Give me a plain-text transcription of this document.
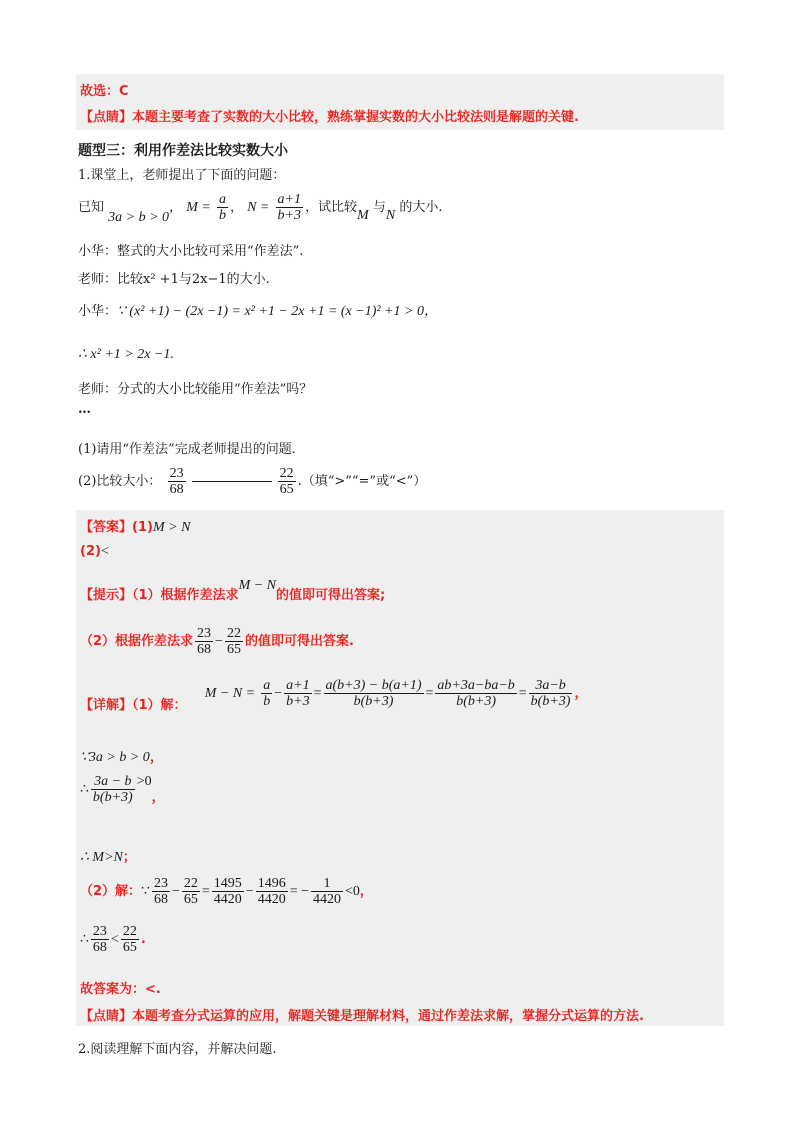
故选：C
【点睛】本题主要考查了实数的大小比较，熟练掌握实数的大小比较法则是解题的关键.
题型三：利用作差法比较实数大小
1.课堂上，老师提出了下面的问题：
已知 3a > b > 0， $M = \frac{a}{b}$ ， $N = \frac{a+1}{b+3}$ ，试比较M 与N 的大小.
小华：整式的大小比较可采用“作差法”.
老师：比较x² +1与2x−1的大小.
小华：∵ (x² +1) − (2x −1) = x² +1 − 2x +1 = (x −1)² +1 > 0，
∴ x² +1 > 2x −1.
老师：分式的大小比较能用“作差法”吗？
…
(1)请用“作差法”完成老师提出的问题.
(2)比较大小： $\frac{23}{68}$	$\frac{22}{65}$ .（填“>”“=”或“<”）
【答案】(1)M > N
(2)<
【提示】（1）根据作差法求M − N的值即可得出答案;
（2）根据作差法求 $\frac{23}{68} - \frac{22}{65}$ 的值即可得出答案.
【详解】（1）解： $M - N = \frac{a}{b} - \frac{a+1}{b+3} = \frac{a(b+3) - b(a+1)}{b(b+3)} = \frac{ab+3a-ba-b}{b(b+3)} = \frac{3a-b}{b(b+3)}$ ，
∵3a > b > 0，
∴ $\frac{3a - b}{b(b+3)} >0$，
∴ M>N；
（2）解：∵ $\frac{23}{68} - \frac{22}{65} = \frac{1495}{4420} - \frac{1496}{4420}$ = − $\frac{1}{4420} <0$，
∴ $\frac{23}{68} < \frac{22}{65}$ .
故答案为：<.
【点睛】本题考查分式运算的应用，解题关键是理解材料，通过作差法求解，掌握分式运算的方法.
2.阅读理解下面内容，并解决问题.
